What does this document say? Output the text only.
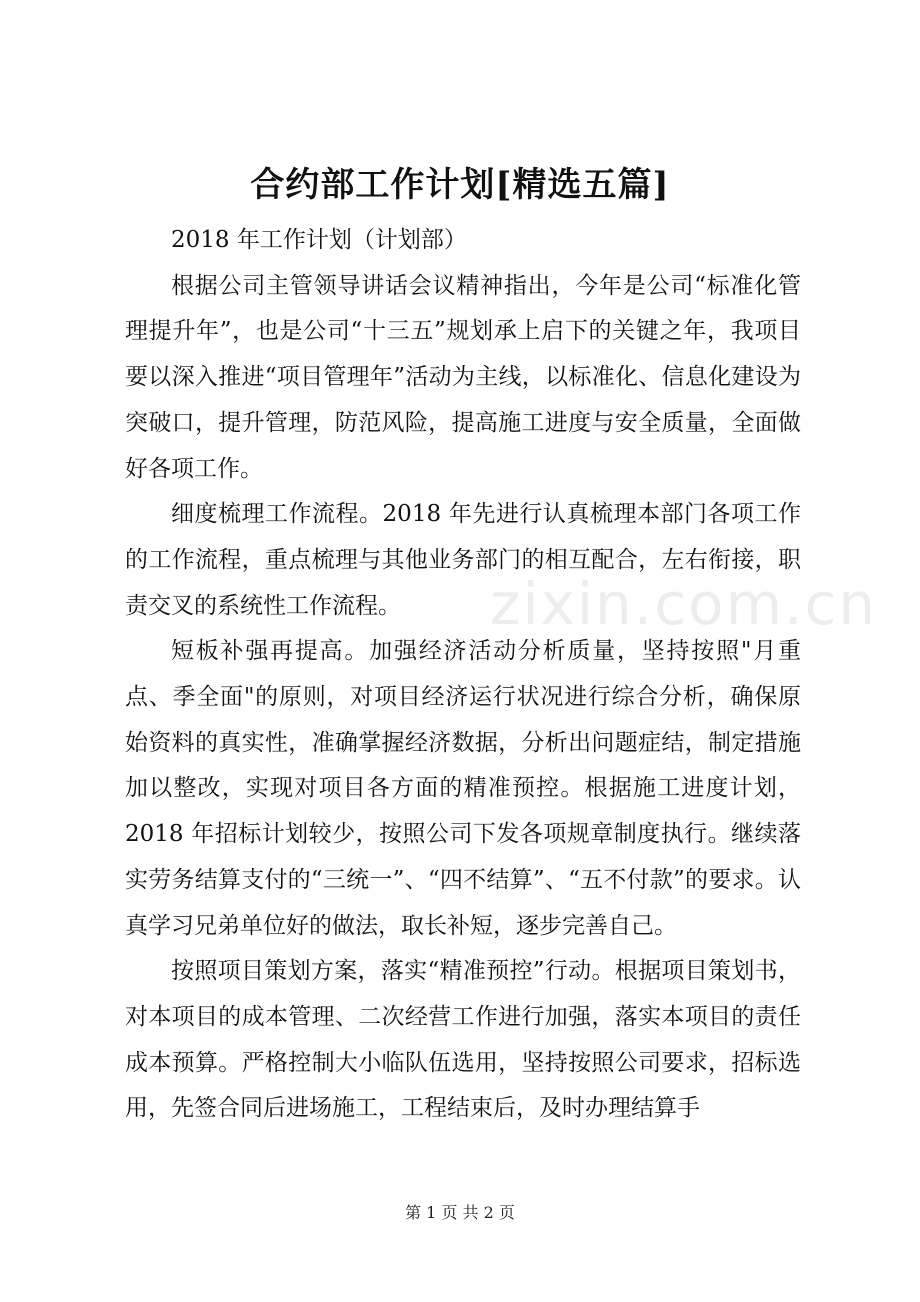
合约部工作计划[精选五篇]

2018 年工作计划（计划部）

根据公司主管领导讲话会议精神指出，今年是公司“标准化管理提升年”，也是公司“十三五”规划承上启下的关键之年，我项目要以深入推进“项目管理年”活动为主线，以标准化、信息化建设为突破口，提升管理，防范风险，提高施工进度与安全质量，全面做好各项工作。

细度梳理工作流程。2018 年先进行认真梳理本部门各项工作的工作流程，重点梳理与其他业务部门的相互配合，左右衔接，职责交叉的系统性工作流程。

短板补强再提高。加强经济活动分析质量，坚持按照"月重点、季全面"的原则，对项目经济运行状况进行综合分析，确保原始资料的真实性，准确掌握经济数据，分析出问题症结，制定措施加以整改，实现对项目各方面的精准预控。根据施工进度计划，2018 年招标计划较少，按照公司下发各项规章制度执行。继续落实劳务结算支付的“三统一”、“四不结算”、“五不付款”的要求。认真学习兄弟单位好的做法，取长补短，逐步完善自己。

按照项目策划方案，落实“精准预控”行动。根据项目策划书，对本项目的成本管理、二次经营工作进行加强，落实本项目的责任成本预算。严格控制大小临队伍选用，坚持按照公司要求，招标选用，先签合同后进场施工，工程结束后，及时办理结算手

zixin.com.cn
第 1 页 共 2 页
